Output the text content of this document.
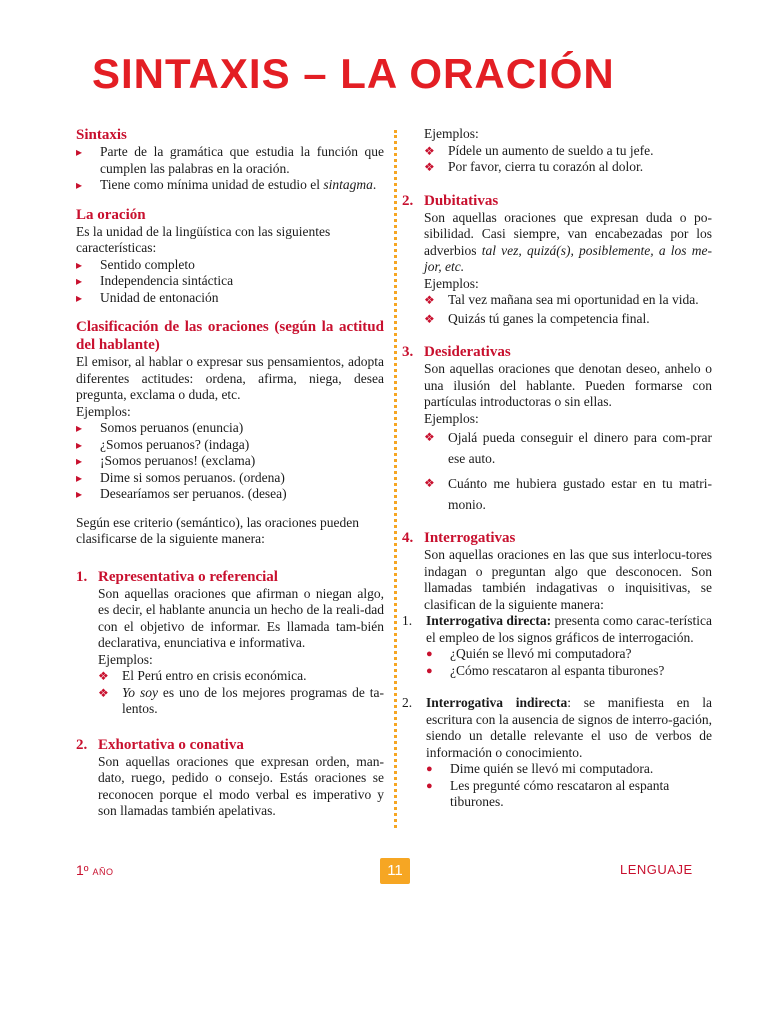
SINTAXIS – LA ORACIÓN
Sintaxis
▸ Parte de la gramática que estudia la función que cumplen las palabras en la oración.
▸ Tiene como mínima unidad de estudio el sintagma.
La oración

Es la unidad de la lingüística con las siguientes características:

▸ Sentido completo
▸ Independencia sintáctica
▸ Unidad de entonación
Clasificación de las oraciones (según la actitud del hablante)

El emisor, al hablar o expresar sus pensamientos, adopta diferentes actitudes: ordena, afirma, niega, desea pregunta, exclama o duda, etc.

Ejemplos:

▸ Somos peruanos (enuncia)
▸ ¿Somos peruanos? (indaga)
▸ ¡Somos peruanos! (exclama)
▸ Dime si somos peruanos. (ordena)
▸ Desearíamos ser peruanos. (desea)

Según ese criterio (semántico), las oraciones pueden clasificarse de la siguiente manera:

1. Representativa o referencial

Son aquellas oraciones que afirman o niegan algo, es decir, el hablante anuncia un hecho de la reali-dad con el objetivo de informar. Es llamada tam-bién declarativa, enunciativa e informativa.

Ejemplos:

❖ El Perú entro en crisis económica.
❖ Yo soy es uno de los mejores programas de ta-lentos.
2. Exhortativa o conativa

Son aquellas oraciones que expresan orden, man-dato, ruego, pedido o consejo. Estás oraciones se reconocen porque el modo verbal es imperativo y son llamadas también apelativas.

Ejemplos:

❖ Pídele un aumento de sueldo a tu jefe.
❖ Por favor, cierra tu corazón al dolor.
2. Dubitativas

Son aquellas oraciones que expresan duda o po-sibilidad. Casi siempre, van encabezadas por los adverbios tal vez, quizá(s), posiblemente, a los me-jor, etc.

Ejemplos:

❖ Tal vez mañana sea mi oportunidad en la vida.
❖ Quizás tú ganes la competencia final.
3. Desiderativas

Son aquellas oraciones que denotan deseo, anhelo o una ilusión del hablante. Pueden formarse con partículas introductoras o sin ellas.

Ejemplos:

❖ Ojalá pueda conseguir el dinero para com-prar ese auto.
❖ Cuánto me hubiera gustado estar en tu matri-monio.
4. Interrogativas

Son aquellas oraciones en las que sus interlocu-tores indagan o preguntan algo que desconocen. Son llamadas también indagativas o inquisitivas, se clasifican de la siguiente manera:

1. Interrogativa directa: presenta como carac-terística el empleo de los signos gráficos de interrogación.

● ¿Quién se llevó mi computadora?
● ¿Cómo rescataron al espanta tiburones?
2. Interrogativa indirecta: se manifiesta en la escritura con la ausencia de signos de interro-gación, siendo un detalle relevante el uso de verbos de información o conocimiento.

● Dime quién se llevó mi computadora.
● Les pregunté cómo rescataron al espanta tiburones.
1º AÑO	11	LENGUAJE
